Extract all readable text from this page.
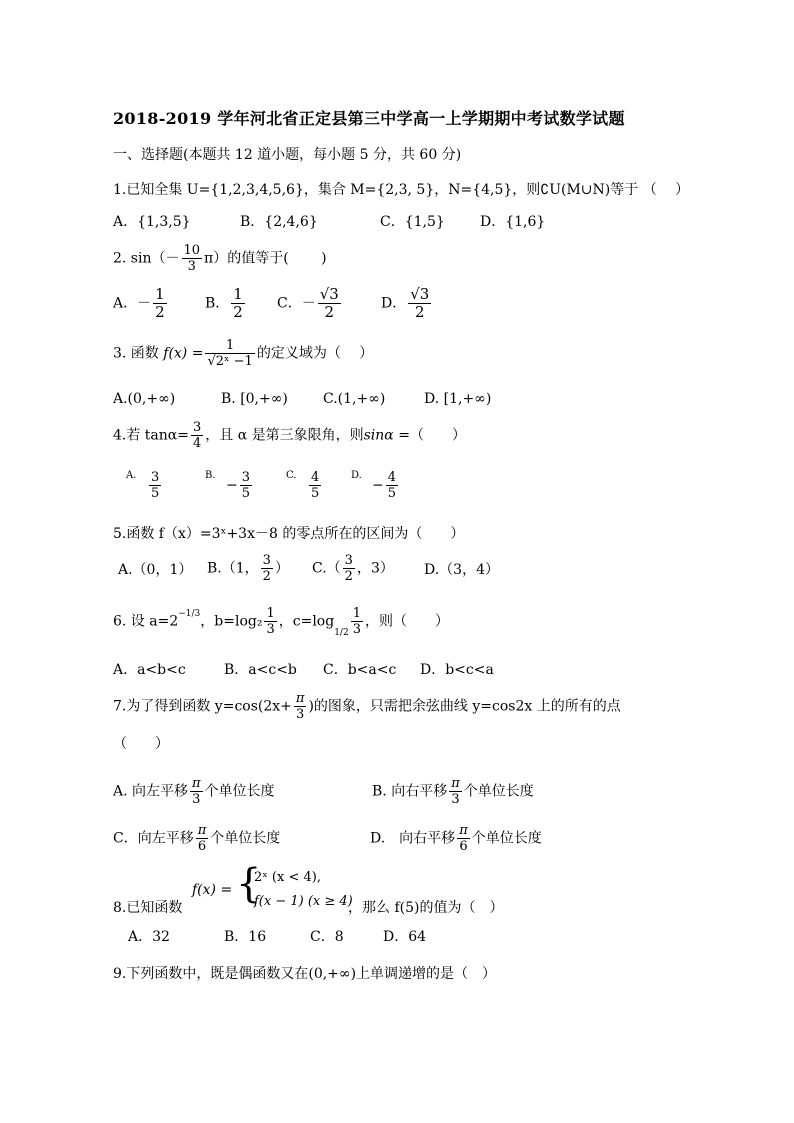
2018-2019 学年河北省正定县第三中学高一上学期期中考试数学试题
一、选择题(本题共 12 道小题，每小题 5 分，共 60 分)
1.已知全集 U={1,2,3,4,5,6}，集合 M={2,3, 5}，N={4,5}，则∁U(M∪N)等于 （　 ）
A．{1,3,5}	B．{2,4,6}	C．{1,5}	D．{1,6}
2. $\sin(- \frac{10}{3} \pi)$的值等于(　　 )
A．－ $\frac{1}{2}$	B． $\frac{1}{2}$ C．－ $\frac{√3}{2}$	D． $\frac{√3}{2}$
3. 函数 $f(x) = \frac{1}{\text{√2ˣ −1}}$ 的定义域为（　 ）
A.(0,+∞)	B. [0,+∞)	C.(1,+∞)	D. [1,+∞)
4.若 $\tan\alpha= \frac{3}{4}$ ，且 α 是第三象限角，则sinα =（　　）
A. $\frac{3}{5}$	B.
− $\frac{3}{5}$	C. $\frac{4}{5}$	D.
− $\frac{4}{5}$
5.函数 f（x）=3ˣ+3x－8 的零点所在的区间为（　　）
A.（0，1） B.（1， $\frac{3}{2}$ ） $C.( \frac{3}{2}$ ，3） D.（3，4）
6. 设 $a=2^{-1/3}$，$b=\log_2 \frac{1}{3}$ ，$c=\log_{1/2} \frac{1}{3}$ ，则（　　）
A．a<b<c	B．a<c<b C．b<a<c D．b<c<a
7.为了得到函数 $y=\cos(2x+ \frac{\pi}{3}$ )的图象，只需把余弦曲线 y=cos2x 上的所有的点
（　　）
A. 向左平移 $\frac{\pi}{3}$ 个单位长度	B. 向右平移 $\frac{\pi}{3}$ 个单位长度
C．向左平移 $\frac{\pi}{6}$ 个单位长度	D.　向右平移 $\frac{\pi}{6}$ 个单位长度
8.已知函数
f(x) = {
2ˣ (x < 4),
f(x − 1) (x ≥ 4)
，那么 f(5)的值为（　）
A．32	B．16	C．8	D．64
9.下列函数中，既是偶函数又在(0,+∞)上单调递增的是（　）
